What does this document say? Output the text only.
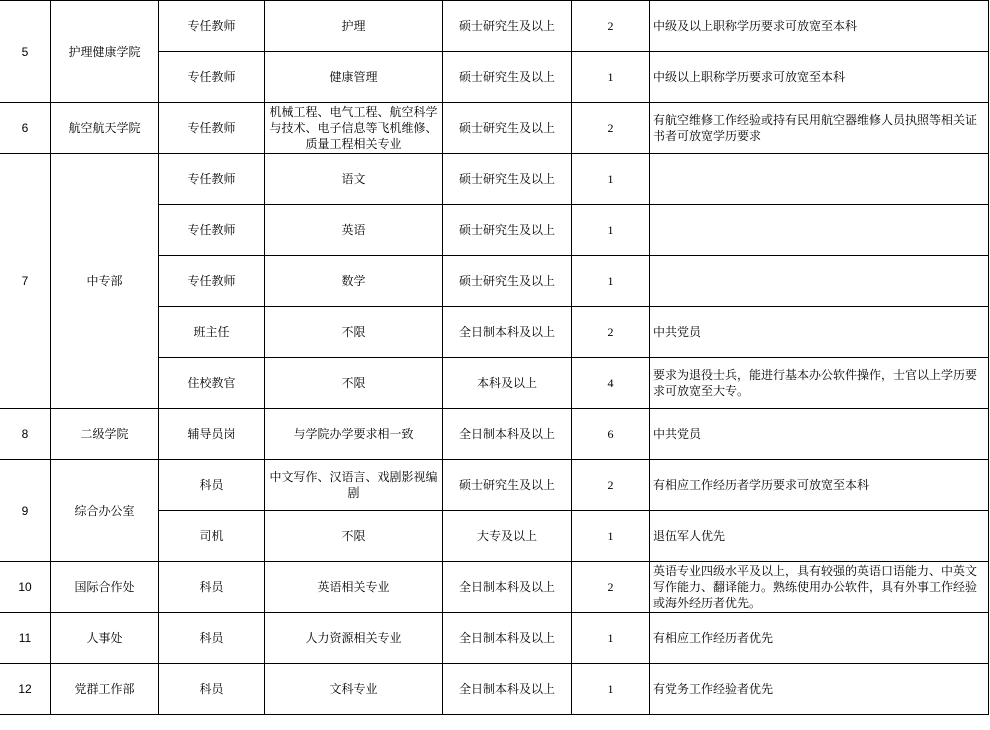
5	护理健康学院	专任教师	护理	硕士研究生及以上	2	中级及以上职称学历要求可放宽至本科
		专任教师	健康管理	硕士研究生及以上	1	中级以上职称学历要求可放宽至本科
6	航空航天学院	专任教师	机械工程、电气工程、航空科学与技术、电子信息等飞机维修、质量工程相关专业	硕士研究生及以上	2	有航空维修工作经验或持有民用航空器维修人员执照等相关证书者可放宽学历要求
7	中专部	专任教师	语文	硕士研究生及以上	1	
		专任教师	英语	硕士研究生及以上	1	
		专任教师	数学	硕士研究生及以上	1	
		班主任	不限	全日制本科及以上	2	中共党员
		住校教官	不限	本科及以上	4	要求为退役士兵，能进行基本办公软件操作，士官以上学历要求可放宽至大专。
8	二级学院	辅导员岗	与学院办学要求相一致	全日制本科及以上	6	中共党员
9	综合办公室	科员	中文写作、汉语言、戏剧影视编剧	硕士研究生及以上	2	有相应工作经历者学历要求可放宽至本科
		司机	不限	大专及以上	1	退伍军人优先
10	国际合作处	科员	英语相关专业	全日制本科及以上	2	英语专业四级水平及以上，具有较强的英语口语能力、中英文写作能力、翻译能力。熟练使用办公软件，具有外事工作经验或海外经历者优先。
11	人事处	科员	人力资源相关专业	全日制本科及以上	1	有相应工作经历者优先
12	党群工作部	科员	文科专业	全日制本科及以上	1	有党务工作经验者优先
